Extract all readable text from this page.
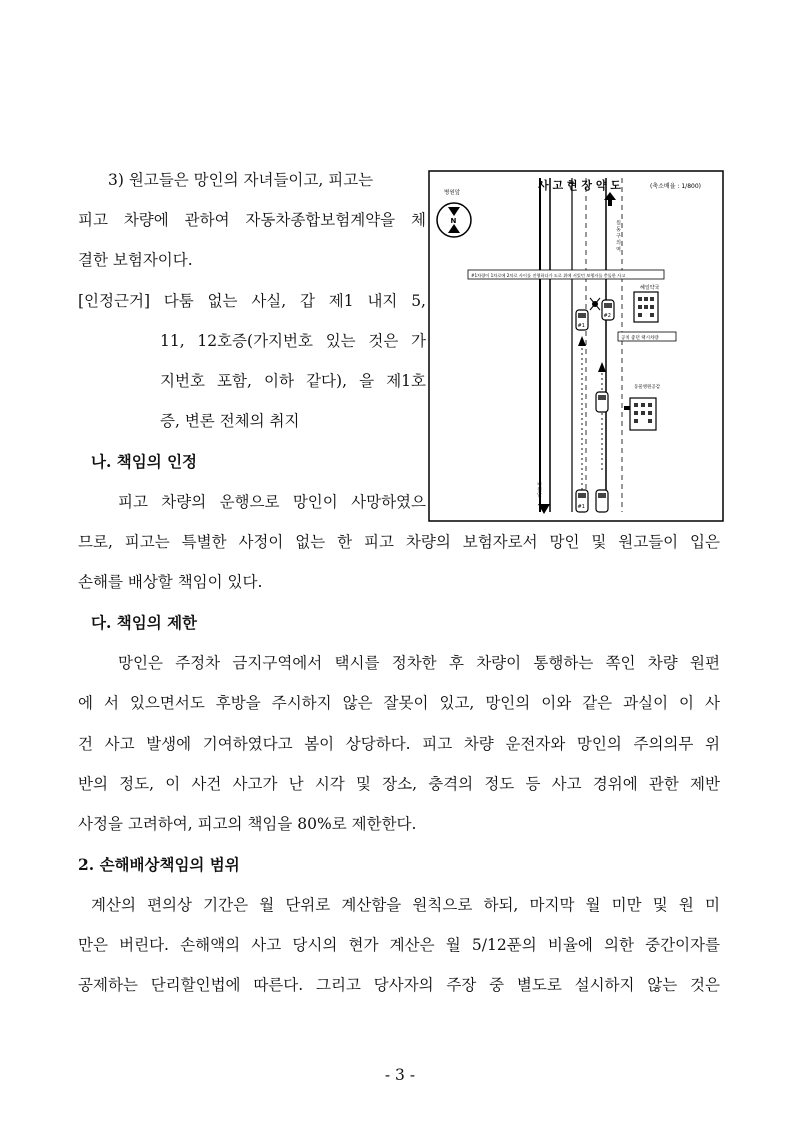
3) 원고들은 망인의 자녀들이고, 피고는
피고 차량에 관하여 자동차종합보험계약을 체
결한 보험자이다.
[인정근거] 다툼 없는 사실, 갑 제1 내지 5,
11, 12호증(가지번호 있는 것은 가
지번호 포함, 이하 같다), 을 제1호
증, 변론 전체의 취지
나. 책임의 인정
피고 차량의 운행으로 망인이 사망하였으
므로, 피고는 특별한 사정이 없는 한 피고 차량의 보험자로서 망인 및 원고들이 입은
손해를 배상할 책임이 있다.
다. 책임의 제한
망인은 주정차 금지구역에서 택시를 정차한 후 차량이 통행하는 쪽인 차량 원편
에 서 있으면서도 후방을 주시하지 않은 잘못이 있고, 망인의 이와 같은 과실이 이 사
건 사고 발생에 기여하였다고 봄이 상당하다. 피고 차량 운전자와 망인의 주의의무 위
반의 정도, 이 사건 사고가 난 시각 및 장소, 충격의 정도 등 사고 경위에 관한 제반
사정을 고려하여, 피고의 책임을 80%로 제한한다.
2. 손해배상책임의 범위
계산의 편의상 기간은 월 단위로 계산함을 원칙으로 하되, 마지막 월 미만 및 원 미
만은 버린다. 손해액의 사고 당시의 현가 계산은 월 5/12푼의 비율에 의한 중간이자를
공제하는 단리할인법에 따른다. 그리고 당사자의 주장 중 별도로 설시하지 않는 것은
사 고 현 장 약 도	(축소배율 : 1/800)
N
병원앞
원 동 구 의 역
#1차량이 1차로에 2차로 사이를 진행하다가 도로 위에 서있던 보행자를 충돌한 사고
#1
#2
공치 좋던 택시차량
혜일약국
동물병원공감
#1
병원앞
- 3 -
